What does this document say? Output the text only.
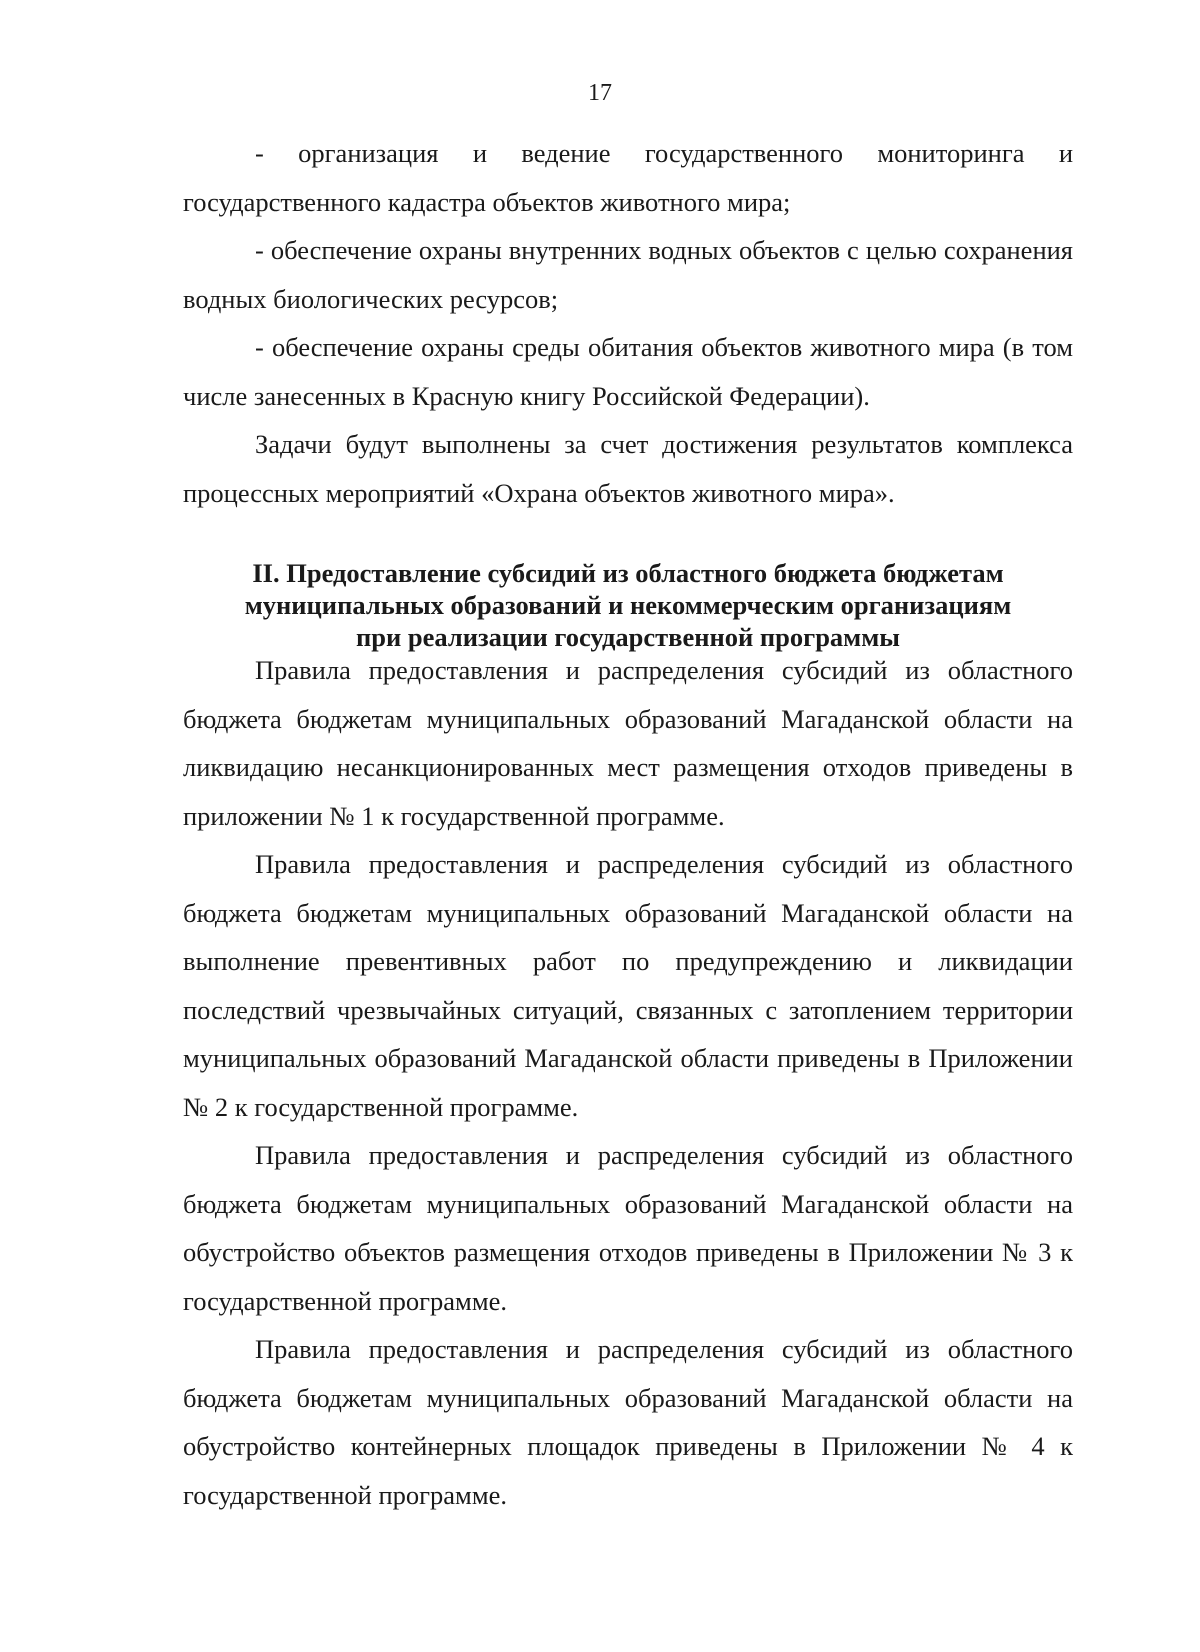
17

- организация и ведение государственного мониторинга и государственного кадастра объектов животного мира;

- обеспечение охраны внутренних водных объектов с целью сохранения водных биологических ресурсов;

- обеспечение охраны среды обитания объектов животного мира (в том числе занесенных в Красную книгу Российской Федерации).

Задачи будут выполнены за счет достижения результатов комплекса процессных мероприятий «Охрана объектов животного мира».

II. Предоставление субсидий из областного бюджета бюджетам
муниципальных образований и некоммерческим организациям
при реализации государственной программы

Правила предоставления и распределения субсидий из областного бюджета бюджетам муниципальных образований Магаданской области на ликвидацию несанкционированных мест размещения отходов приведены в приложении № 1 к государственной программе.

Правила предоставления и распределения субсидий из областного бюджета бюджетам муниципальных образований Магаданской области на выполнение превентивных работ по предупреждению и ликвидации последствий чрезвычайных ситуаций, связанных с затоплением территории муниципальных образований Магаданской области приведены в Приложении № 2 к государственной программе.

Правила предоставления и распределения субсидий из областного бюджета бюджетам муниципальных образований Магаданской области на обустройство объектов размещения отходов приведены в Приложении № 3 к государственной программе.

Правила предоставления и распределения субсидий из областного бюджета бюджетам муниципальных образований Магаданской области на обустройство контейнерных площадок приведены в Приложении № 4 к государственной программе.
